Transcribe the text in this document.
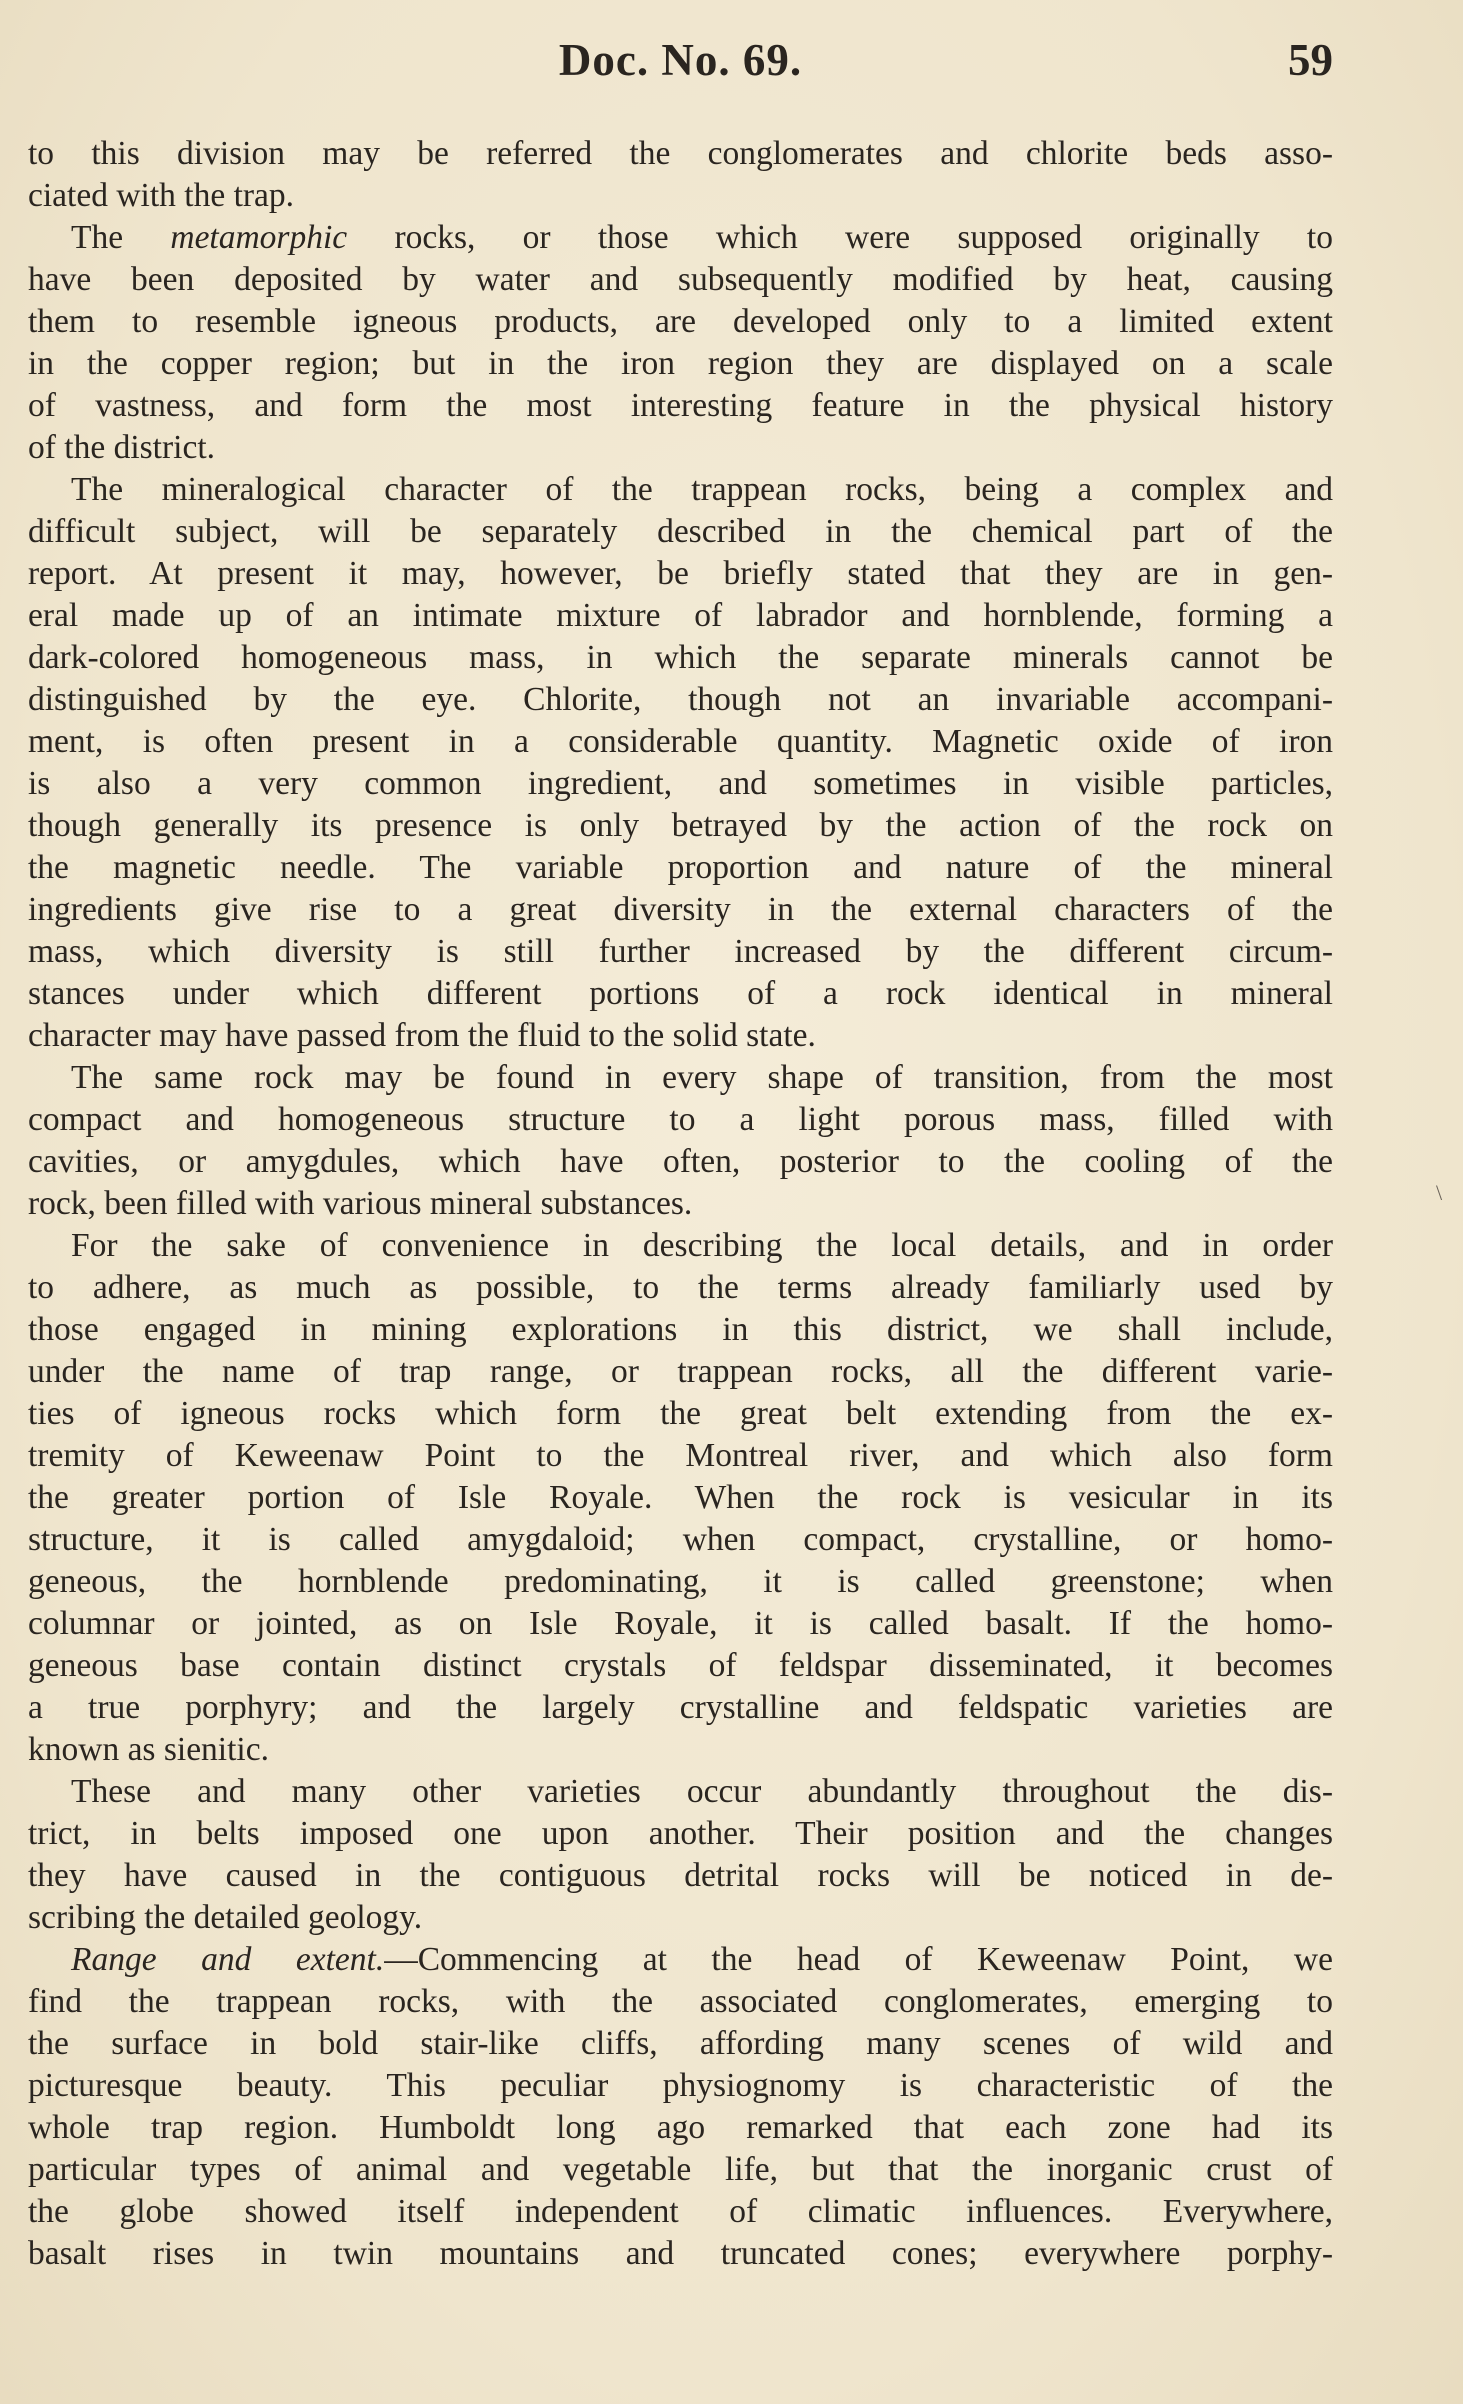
Doc. No. 69.	59
to this division may be referred the conglomerates and chlorite beds asso-
ciated with the trap.
The metamorphic rocks, or those which were supposed originally to
have been deposited by water and subsequently modified by heat, causing
them to resemble igneous products, are developed only to a limited extent
in the copper region; but in the iron region they are displayed on a scale
of vastness, and form the most interesting feature in the physical history
of the district.
The mineralogical character of the trappean rocks, being a complex and
difficult subject, will be separately described in the chemical part of the
report. At present it may, however, be briefly stated that they are in gen-
eral made up of an intimate mixture of labrador and hornblende, forming a
dark-colored homogeneous mass, in which the separate minerals cannot be
distinguished by the eye. Chlorite, though not an invariable accompani-
ment, is often present in a considerable quantity. Magnetic oxide of iron
is also a very common ingredient, and sometimes in visible particles,
though generally its presence is only betrayed by the action of the rock on
the magnetic needle. The variable proportion and nature of the mineral
ingredients give rise to a great diversity in the external characters of the
mass, which diversity is still further increased by the different circum-
stances under which different portions of a rock identical in mineral
character may have passed from the fluid to the solid state.
The same rock may be found in every shape of transition, from the most
compact and homogeneous structure to a light porous mass, filled with
cavities, or amygdules, which have often, posterior to the cooling of the
rock, been filled with various mineral substances.
For the sake of convenience in describing the local details, and in order
to adhere, as much as possible, to the terms already familiarly used by
those engaged in mining explorations in this district, we shall include,
under the name of trap range, or trappean rocks, all the different varie-
ties of igneous rocks which form the great belt extending from the ex-
tremity of Keweenaw Point to the Montreal river, and which also form
the greater portion of Isle Royale. When the rock is vesicular in its
structure, it is called amygdaloid; when compact, crystalline, or homo-
geneous, the hornblende predominating, it is called greenstone; when
columnar or jointed, as on Isle Royale, it is called basalt. If the homo-
geneous base contain distinct crystals of feldspar disseminated, it becomes
a true porphyry; and the largely crystalline and feldspatic varieties are
known as sienitic.
These and many other varieties occur abundantly throughout the dis-
trict, in belts imposed one upon another. Their position and the changes
they have caused in the contiguous detrital rocks will be noticed in de-
scribing the detailed geology.
Range and extent.—Commencing at the head of Keweenaw Point, we
find the trappean rocks, with the associated conglomerates, emerging to
the surface in bold stair-like cliffs, affording many scenes of wild and
picturesque beauty. This peculiar physiognomy is characteristic of the
whole trap region. Humboldt long ago remarked that each zone had its
particular types of animal and vegetable life, but that the inorganic crust of
the globe showed itself independent of climatic influences. Everywhere,
basalt rises in twin mountains and truncated cones; everywhere porphy-
\
